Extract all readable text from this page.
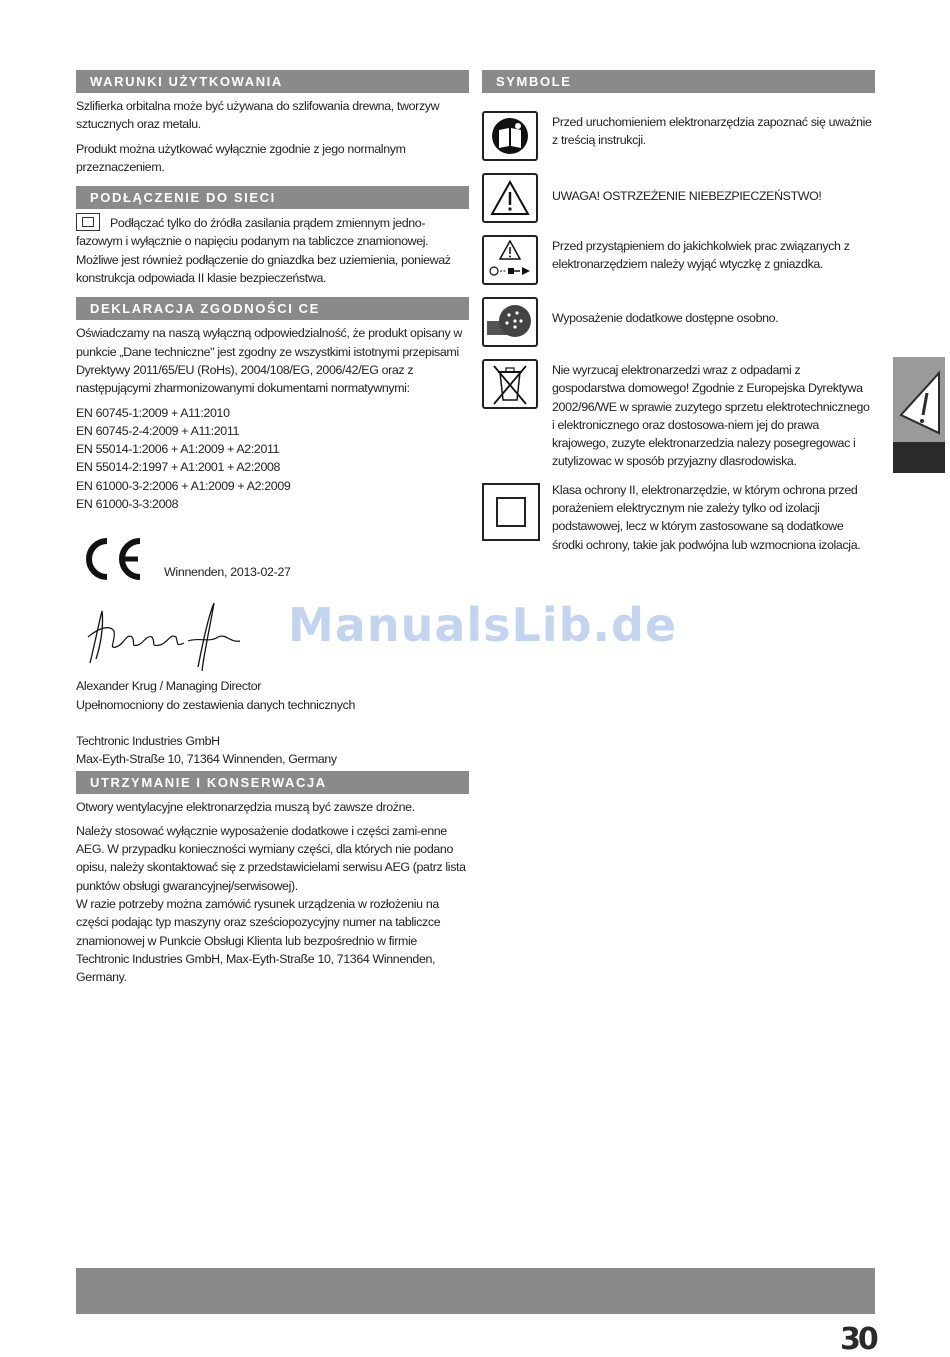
WARUNKI UŻYTKOWANIA

Szlifierka orbitalna może być używana do szlifowania drewna, tworzyw sztucznych oraz metalu.

Produkt można użytkować wyłącznie zgodnie z jego normalnym przeznaczeniem.

PODŁĄCZENIE DO SIECI

Podłączać tylko do źródła zasilania prądem zmiennym jedno-fazowym i wyłącznie o napięciu podanym na tabliczce znamionowej. Możliwe jest również podłączenie do gniazdka bez uziemienia, ponieważ konstrukcja odpowiada II klasie bezpieczeństwa.

DEKLARACJA ZGODNOŚCI CE

Oświadczamy na naszą wyłączną odpowiedzialność, że produkt opisany w punkcie „Dane techniczne" jest zgodny ze wszystkimi istotnymi przepisami Dyrektywy 2011/65/EU (RoHs), 2004/108/EG, 2006/42/EG oraz z następującymi zharmonizowanymi dokumentami normatywnymi:

EN 60745-1:2009 + A11:2010
EN 60745-2-4:2009 + A11:2011
EN 55014-1:2006 + A1:2009 + A2:2011
EN 55014-2:1997 + A1:2001 + A2:2008
EN 61000-3-2:2006 + A1:2009 + A2:2009
EN 61000-3-3:2008
Winnenden, 2013-02-27
Alexander Krug / Managing Director
Upełnomocniony do zestawienia danych technicznych
Techtronic Industries GmbH
Max-Eyth-Straße 10, 71364 Winnenden, Germany
UTRZYMANIE I KONSERWACJA

Otwory wentylacyjne elektronarzędzia muszą być zawsze drożne.

Należy stosować wyłącznie wyposażenie dodatkowe i części zami-enne AEG. W przypadku konieczności wymiany części, dla których nie podano opisu, należy skontaktować się z przedstawicielami serwisu AEG (patrz lista punktów obsługi gwarancyjnej/serwisowej).

W razie potrzeby można zamówić rysunek urządzenia w rozłożeniu na części podając typ maszyny oraz sześciopozycyjny numer na tabliczce znamionowej w Punkcie Obsługi Klienta lub bezpośrednio w firmie Techtronic Industries GmbH, Max-Eyth-Straße 10, 71364 Winnenden, Germany.

SYMBOLE
Przed uruchomieniem elektronarzędzia zapoznać się uważnie z treścią instrukcji.
UWAGA! OSTRZEŻENIE NIEBEZPIECZEŃSTWO!
Przed przystąpieniem do jakichkolwiek prac związanych z elektronarzędziem należy wyjąć wtyczkę z gniazdka.
Wyposażenie dodatkowe dostępne osobno.
Nie wyrzucaj elektronarzedzi wraz z odpadami z gospodarstwa domowego! Zgodnie z Europejska Dyrektywa 2002/96/WE w sprawie zuzytego sprzetu elektrotechnicznego i elektronicznego oraz dostosowa-niem jej do prawa krajowego, zuzyte elektronarzedzia nalezy posegregowac i zutylizowac w sposób przyjazny dlasrodowiska.
Klasa ochrony II, elektronarzędzie, w którym ochrona przed porażeniem elektrycznym nie zależy tylko od izolacji podstawowej, lecz w którym zastosowane są dodatkowe środki ochrony, takie jak podwójna lub wzmocniona izolacja.
ManualsLib.de
30
